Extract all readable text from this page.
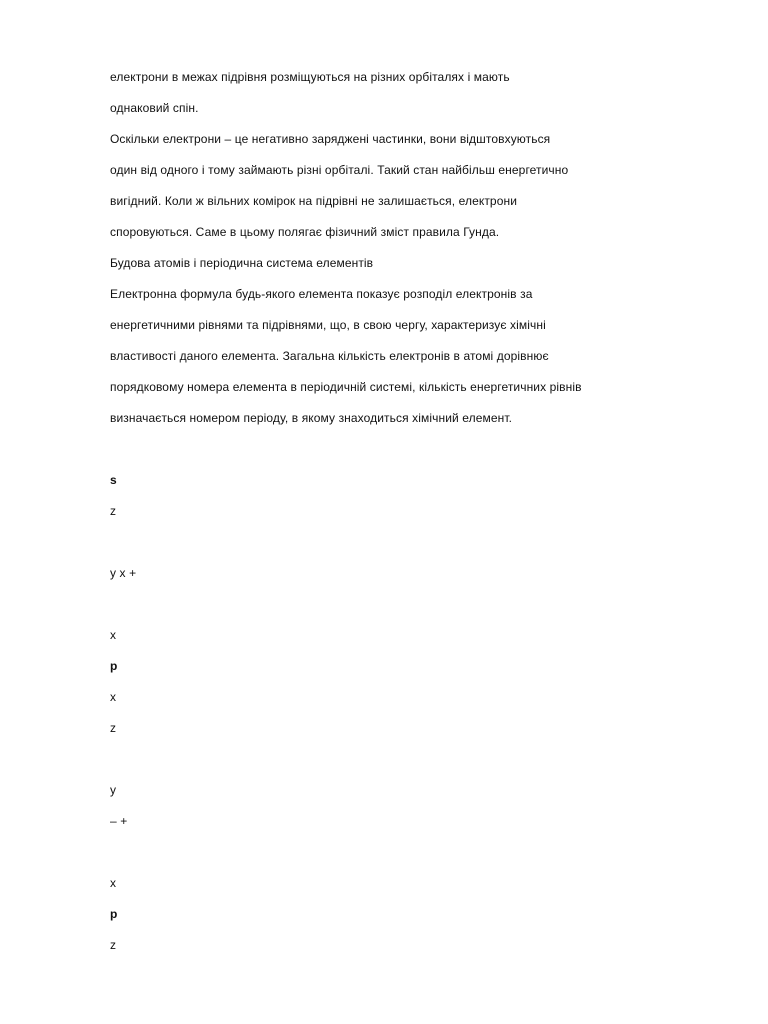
електрони в межах підрівня розміщуються на різних орбіталях і мають
однаковий спін.
Оскільки електрони – це негативно заряджені частинки, вони відштовхуються
один від одного і тому займають різні орбіталі. Такий стан найбільш енергетично
вигідний. Коли ж вільних комірок на підрівні не залишається, електрони
споровуються. Саме в цьому полягає фізичний зміст правила Гунда.
Будова атомів і періодична система елементів
Електронна формула будь-якого елемента показує розподіл електронів за
енергетичними рівнями та підрівнями, що, в свою чергу, характеризує хімічні
властивості даного елемента. Загальна кількість електронів в атомі дорівнює
порядковому номера елемента в періодичній системі, кількість енергетичних рівнів
визначається номером періоду, в якому знаходиться хімічний елемент.
s
z
y x +
x
p
x
z
y
– +
x
p
z
